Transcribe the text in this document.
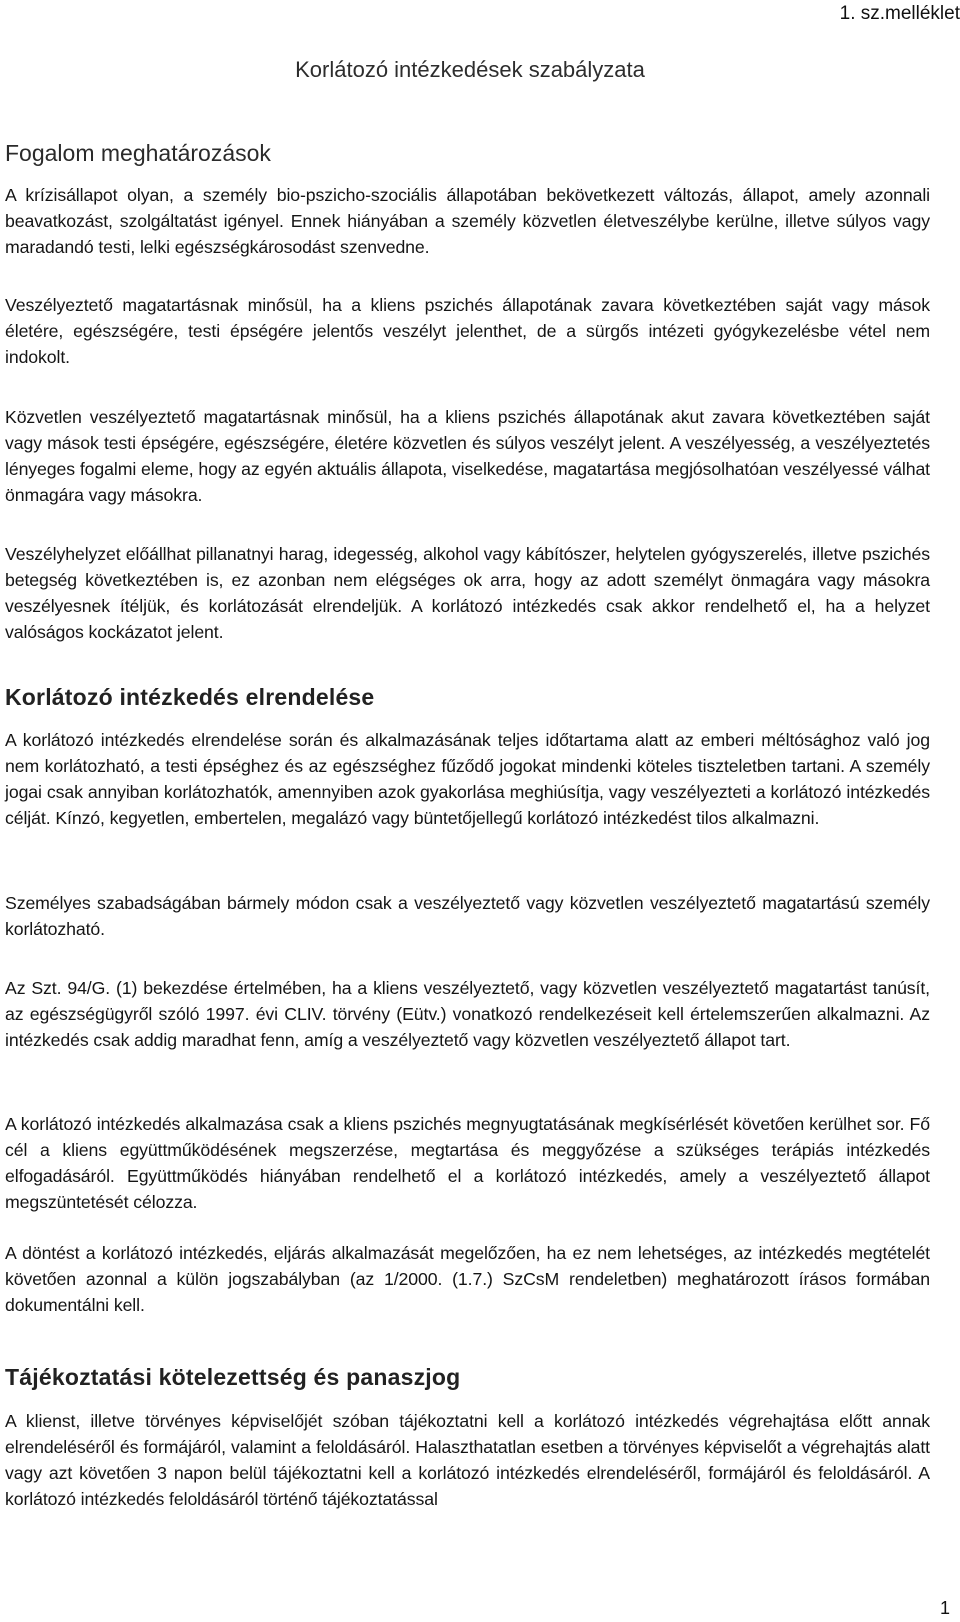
1. sz.melléklet
Korlátozó intézkedések szabályzata
Fogalom meghatározások

A krízisállapot olyan, a személy bio-pszicho-szociális állapotában bekövetkezett változás, állapot, amely azonnali beavatkozást, szolgáltatást igényel. Ennek hiányában a személy közvetlen életveszélybe kerülne, illetve súlyos vagy maradandó testi, lelki egészségkárosodást szenvedne.

Veszélyeztető magatartásnak minősül, ha a kliens pszichés állapotának zavara következtében saját vagy mások életére, egészségére, testi épségére jelentős veszélyt jelenthet, de a sürgős intézeti gyógykezelésbe vétel nem indokolt.

Közvetlen veszélyeztető magatartásnak minősül, ha a kliens pszichés állapotának akut zavara következtében saját vagy mások testi épségére, egészségére, életére közvetlen és súlyos veszélyt jelent. A veszélyesség, a veszélyeztetés lényeges fogalmi eleme, hogy az egyén aktuális állapota, viselkedése, magatartása megjósolhatóan veszélyessé válhat önmagára vagy másokra.

Veszélyhelyzet előállhat pillanatnyi harag, idegesség, alkohol vagy kábítószer, helytelen gyógyszerelés, illetve pszichés betegség következtében is, ez azonban nem elégséges ok arra, hogy az adott személyt önmagára vagy másokra veszélyesnek ítéljük, és korlátozását elrendeljük. A korlátozó intézkedés csak akkor rendelhető el, ha a helyzet valóságos kockázatot jelent.

Korlátozó intézkedés elrendelése

A korlátozó intézkedés elrendelése során és alkalmazásának teljes időtartama alatt az emberi méltósághoz való jog nem korlátozható, a testi épséghez és az egészséghez fűződő jogokat mindenki köteles tiszteletben tartani. A személy jogai csak annyiban korlátozhatók, amennyiben azok gyakorlása meghiúsítja, vagy veszélyezteti a korlátozó intézkedés célját. Kínzó, kegyetlen, embertelen, megalázó vagy büntetőjellegű korlátozó intézkedést tilos alkalmazni.

Személyes szabadságában bármely módon csak a veszélyeztető vagy közvetlen veszélyeztető magatartású személy korlátozható.

Az Szt. 94/G. (1) bekezdése értelmében, ha a kliens veszélyeztető, vagy közvetlen veszélyeztető magatartást tanúsít, az egészségügyről szóló 1997. évi CLIV. törvény (Eütv.) vonatkozó rendelkezéseit kell értelemszerűen alkalmazni. Az intézkedés csak addig maradhat fenn, amíg a veszélyeztető vagy közvetlen veszélyeztető állapot tart.

A korlátozó intézkedés alkalmazása csak a kliens pszichés megnyugtatásának megkísérlését követően kerülhet sor. Fő cél a kliens együttműködésének megszerzése, megtartása és meggyőzése a szükséges terápiás intézkedés elfogadásáról. Együttműködés hiányában rendelhető el a korlátozó intézkedés, amely a veszélyeztető állapot megszüntetését célozza.

A döntést a korlátozó intézkedés, eljárás alkalmazását megelőzően, ha ez nem lehetséges, az intézkedés megtételét követően azonnal a külön jogszabályban (az 1/2000. (1.7.) SzCsM rendeletben) meghatározott írásos formában dokumentálni kell.

Tájékoztatási kötelezettség és panaszjog

A klienst, illetve törvényes képviselőjét szóban tájékoztatni kell a korlátozó intézkedés végrehajtása előtt annak elrendeléséről és formájáról, valamint a feloldásáról. Halaszthatatlan esetben a törvényes képviselőt a végrehajtás alatt vagy azt követően 3 napon belül tájékoztatni kell a korlátozó intézkedés elrendeléséről, formájáról és feloldásáról. A korlátozó intézkedés feloldásáról történő tájékoztatással

1
